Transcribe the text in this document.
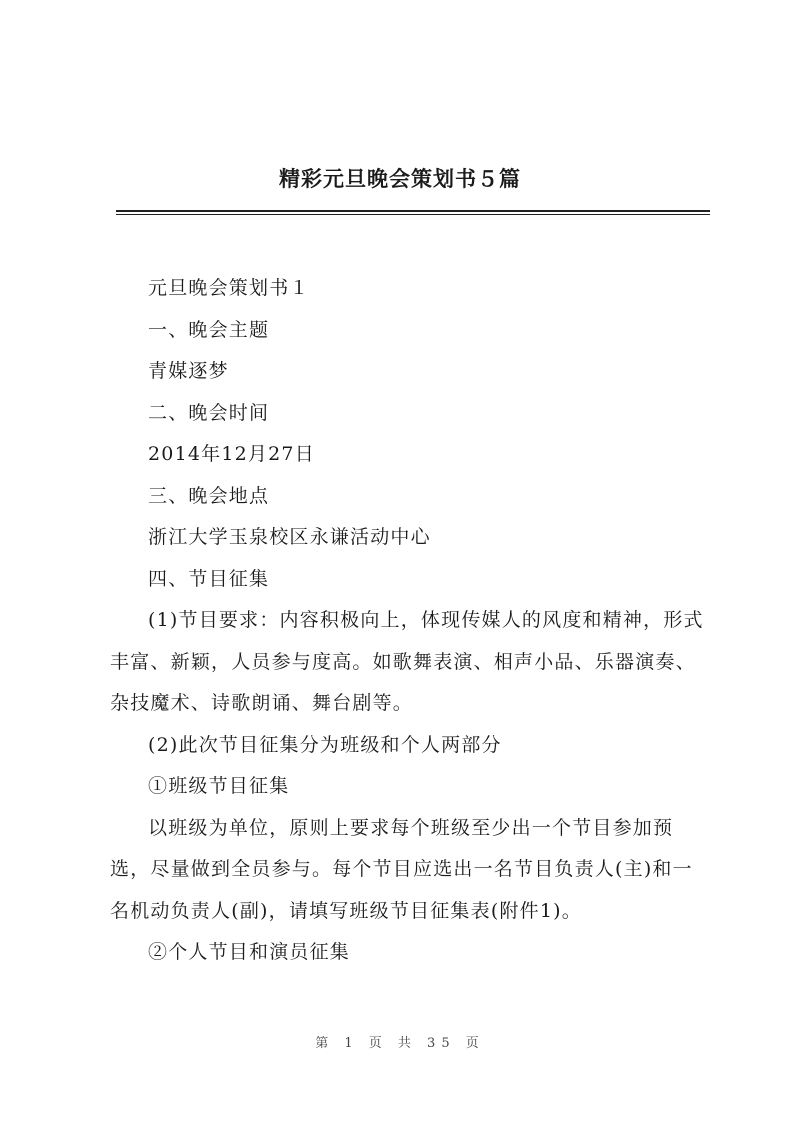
精彩元旦晚会策划书５篇

元旦晚会策划书１

一、晚会主题

青媒逐梦

二、晚会时间

2014年12月27日

三、晚会地点

浙江大学玉泉校区永谦活动中心

四、节目征集

(1)节目要求：内容积极向上，体现传媒人的风度和精神，形式丰富、新颖，人员参与度高。如歌舞表演、相声小品、乐器演奏、杂技魔术、诗歌朗诵、舞台剧等。

(2)此次节目征集分为班级和个人两部分

①班级节目征集

以班级为单位，原则上要求每个班级至少出一个节目参加预选，尽量做到全员参与。每个节目应选出一名节目负责人(主)和一名机动负责人(副)，请填写班级节目征集表(附件1)。

②个人节目和演员征集

第 1 页 共 35 页
